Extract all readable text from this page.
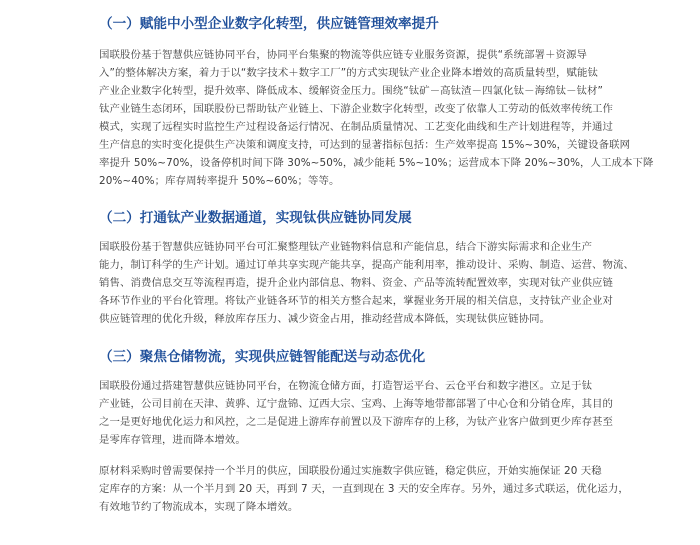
（一）赋能中小型企业数字化转型，供应链管理效率提升
国联股份基于智慧供应链协同平台，协同平台集聚的物流等供应链专业服务资源，提供“系统部署＋资源导
入”的整体解决方案，着力于以“数字技术＋数字工厂”的方式实现钛产业企业降本增效的高质量转型，赋能钛
产业企业数字化转型，提升效率、降低成本、缓解资金压力。围绕“钛矿－高钛渣－四氯化钛－海绵钛－钛材”
钛产业链生态闭环，国联股份已帮助钛产业链上、下游企业数字化转型，改变了依靠人工劳动的低效率传统工作
模式，实现了远程实时监控生产过程设备运行情况、在制品质量情况、工艺变化曲线和生产计划进程等，并通过
生产信息的实时变化提供生产决策和调度支持，可达到的显著指标包括：生产效率提高 15%~30%，关键设备联网
率提升 50%~70%，设备停机时间下降 30%~50%，减少能耗 5%~10%；运营成本下降 20%~30%，人工成本下降
20%~40%；库存周转率提升 50%~60%；等等。
（二）打通钛产业数据通道，实现钛供应链协同发展
国联股份基于智慧供应链协同平台可汇聚整理钛产业链物料信息和产能信息，结合下游实际需求和企业生产
能力，制订科学的生产计划。通过订单共享实现产能共享，提高产能利用率，推动设计、采购、制造、运营、物流、
销售、消费信息交互等流程再造，提升企业内部信息、物料、资金、产品等流转配置效率，实现对钛产业供应链
各环节作业的平台化管理。将钛产业链各环节的相关方整合起来，掌握业务开展的相关信息，支持钛产业企业对
供应链管理的优化升级，释放库存压力、减少资金占用，推动经营成本降低，实现钛供应链协同。
（三）聚焦仓储物流，实现供应链智能配送与动态优化
国联股份通过搭建智慧供应链协同平台，在物流仓储方面，打造智运平台、云仓平台和数字港区。立足于钛
产业链，公司目前在天津、黄骅、辽宁盘锦、辽西大宗、宝鸡、上海等地带都部署了中心仓和分销仓库，其目的
之一是更好地优化运力和风控，之二是促进上游库存前置以及下游库存的上移，为钛产业客户做到更少库存甚至
是零库存管理，进而降本增效。
原材料采购时曾需要保持一个半月的供应，国联股份通过实施数字供应链，稳定供应，开始实施保证 20 天稳
定库存的方案：从一个半月到 20 天，再到 7 天，一直到现在 3 天的安全库存。另外，通过多式联运，优化运力，
有效地节约了物流成本，实现了降本增效。
